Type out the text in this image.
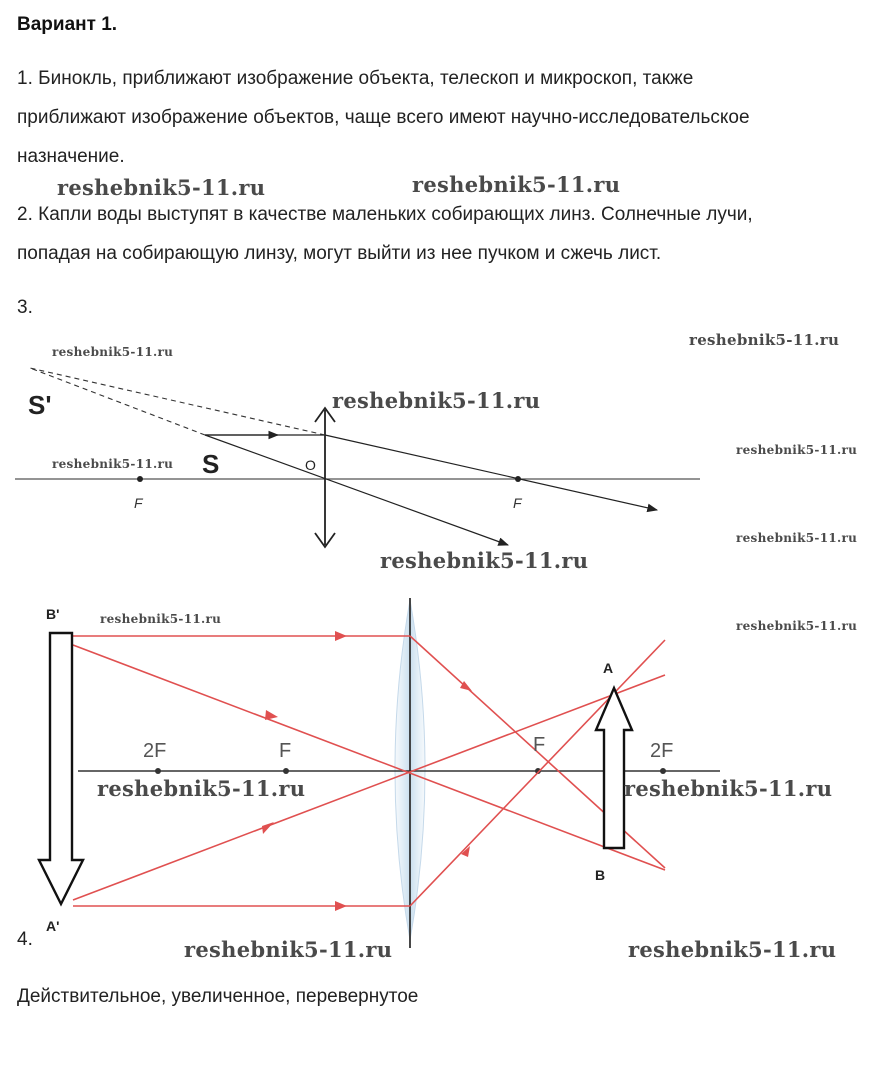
Вариант 1.
1. Бинокль, приближают изображение объекта, телескоп и микроскоп, также
приближают изображение объектов, чаще всего имеют научно-исследовательское
назначение.
2. Капли воды выступят в качестве маленьких собирающих линз. Солнечные лучи,
попадая на собирающую линзу, могут выйти из нее пучком и сжечь лист.
3.
S'
S	O
F	F
B'
A'
A
B
2F	F	F	2F
4.
Действительное, увеличенное, перевернутое
reshebnik5-11.ru	reshebnik5-11.ru
reshebnik5-11.ru
reshebnik5-11.ru
reshebnik5-11.ru
reshebnik5-11.ru
reshebnik5-11.ru
reshebnik5-11.ru
reshebnik5-11.ru
reshebnik5-11.ru	reshebnik5-11.ru
reshebnik5-11.ru	reshebnik5-11.ru
reshebnik5-11.ru	reshebnik5-11.ru
